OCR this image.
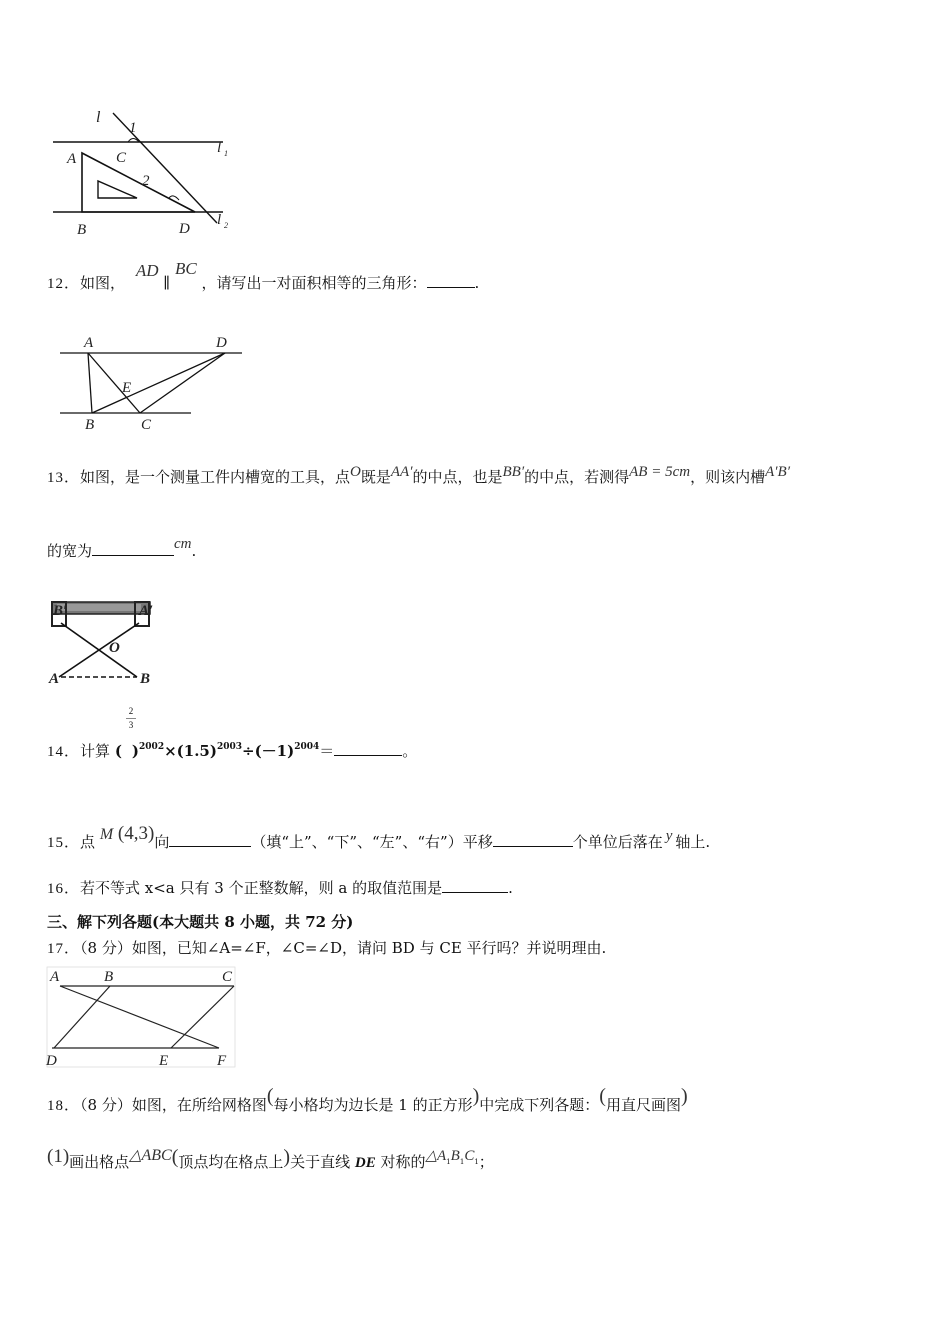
l
1
l 1
A	C
2
B	D
l 2
12．如图， AD ∥ BC ，请写出一对面积相等的三角形：	.
A	D
E
B	C
13．如图，是一个测量工件内槽宽的工具，点O既是AA′的中点，也是BB′的中点，若测得AB = 5cm，则该内槽A′B′
的宽为	cm.
B′	A′
O
A	B
2
3
14．计算 ( )$^{2002}\times(1.5)^{2003}\div(-1)^{2004}=$	。
15．点 M (4,3)向	（填“上”、“下”、“左”、“右”）平移	个单位后落在 y 轴上.
16．若不等式 x<a 只有 3 个正整数解，则 a 的取值范围是	.
三、解下列各题(本大题共 8 小题，共 72 分)
17．（8 分）如图，已知∠A=∠F，∠C=∠D，请问 BD 与 CE 平行吗？并说明理由.
A	B	C
D	E	F
18．（8 分）如图，在所给网格图(每小格均为边长是 1 的正方形)中完成下列各题：(用直尺画图)
(1)画出格点△ABC(顶点均在格点上)关于直线 DE 对称的$\triangle A^1B^1C^1$；
